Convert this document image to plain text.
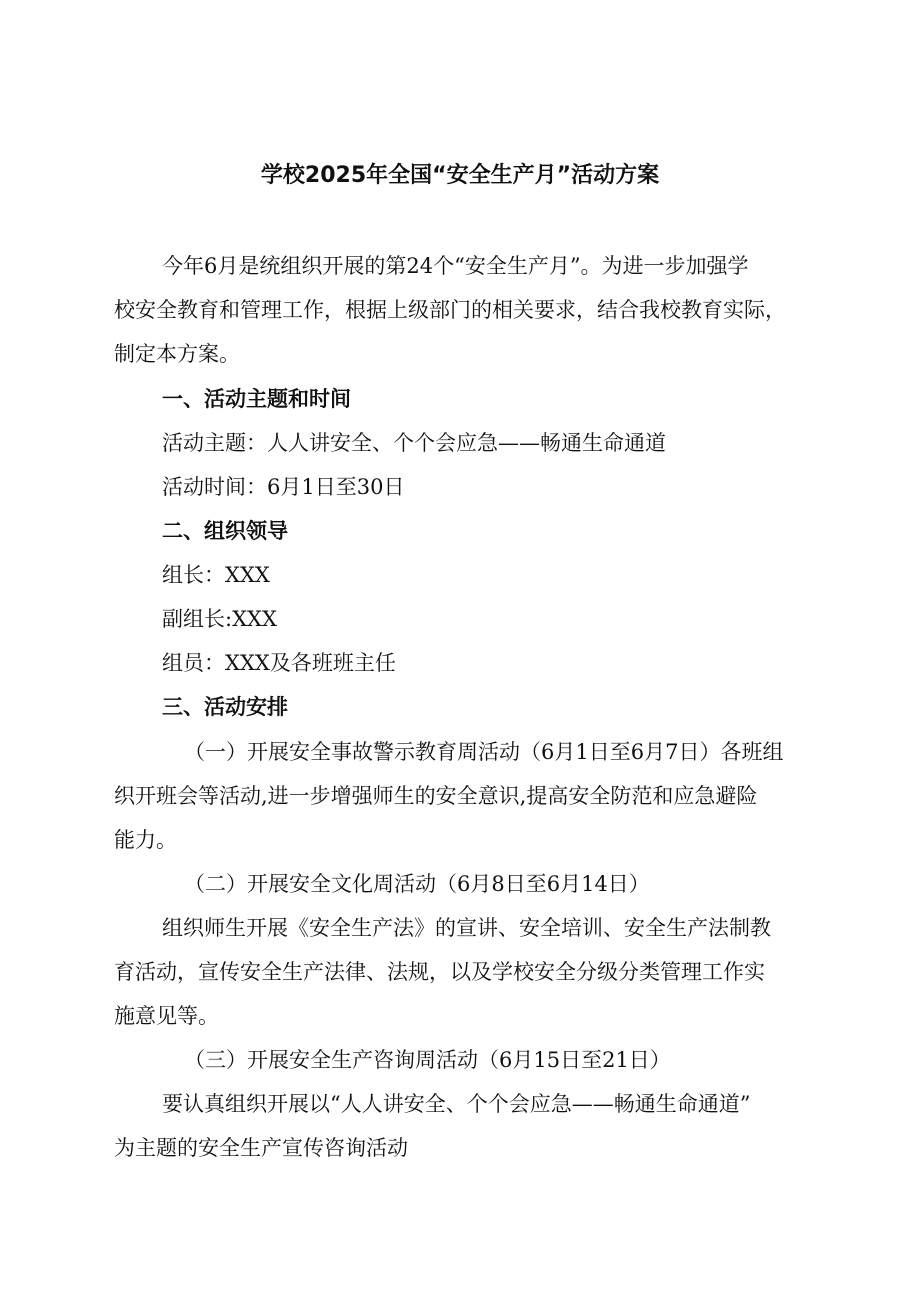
学校2025年全国“安全生产月”活动方案
今年6月是统组织开展的第24个“安全生产月”。为进一步加强学
校安全教育和管理工作，根据上级部门的相关要求，结合我校教育实际，
制定本方案。
一、活动主题和时间
活动主题：人人讲安全、个个会应急——畅通生命通道
活动时间：6月1日至30日
二、组织领导
组长：XXX
副组长:XXX
组员：XXX及各班班主任
三、活动安排
（一）开展安全事故警示教育周活动（6月1日至6月7日）各班组
织开班会等活动,进一步增强师生的安全意识,提高安全防范和应急避险
能力。
（二）开展安全文化周活动（6月8日至6月14日）
组织师生开展《安全生产法》的宣讲、安全培训、安全生产法制教
育活动，宣传安全生产法律、法规，以及学校安全分级分类管理工作实
施意见等。
（三）开展安全生产咨询周活动（6月15日至21日）
要认真组织开展以“人人讲安全、个个会应急——畅通生命通道”
为主题的安全生产宣传咨询活动
